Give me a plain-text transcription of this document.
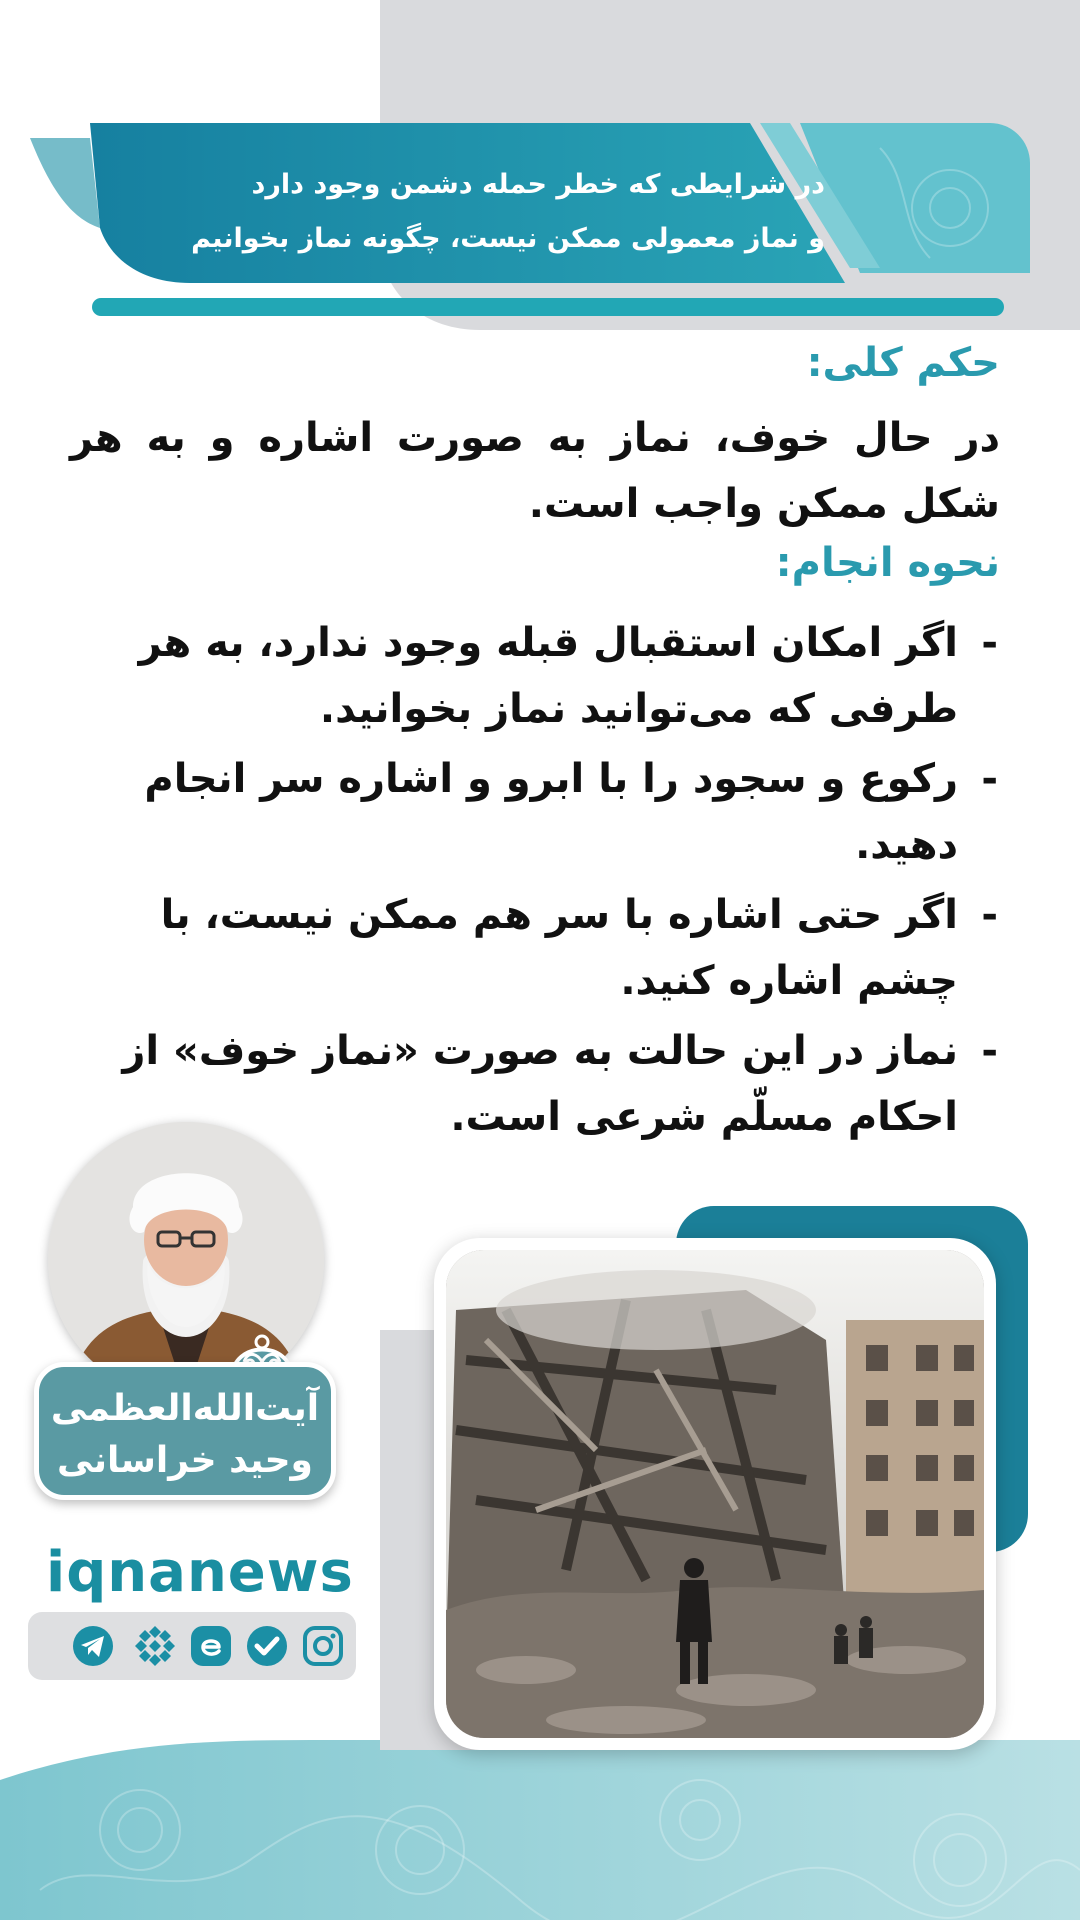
در شرایطی که خطر حمله دشمن وجود دارد
و نماز معمولی ممکن نیست، چگونه نماز بخوانیم
حکم کلی:
در حال خوف، نماز به صورت اشاره و به هر شکل ممکن واجب است.
نحوه انجام:
- اگر امکان استقبال قبله وجود ندارد، به هر طرفی که می‌توانید نماز بخوانید.
- رکوع و سجود را با ابرو و اشاره سر انجام دهید.
- اگر حتی اشاره با سر هم ممکن نیست، با چشم اشاره کنید.
- نماز در این حالت به صورت «نماز خوف» از احکام مسلّم شرعی است.
آیت‌الله‌العظمی
وحید خراسانی
iqnanews
